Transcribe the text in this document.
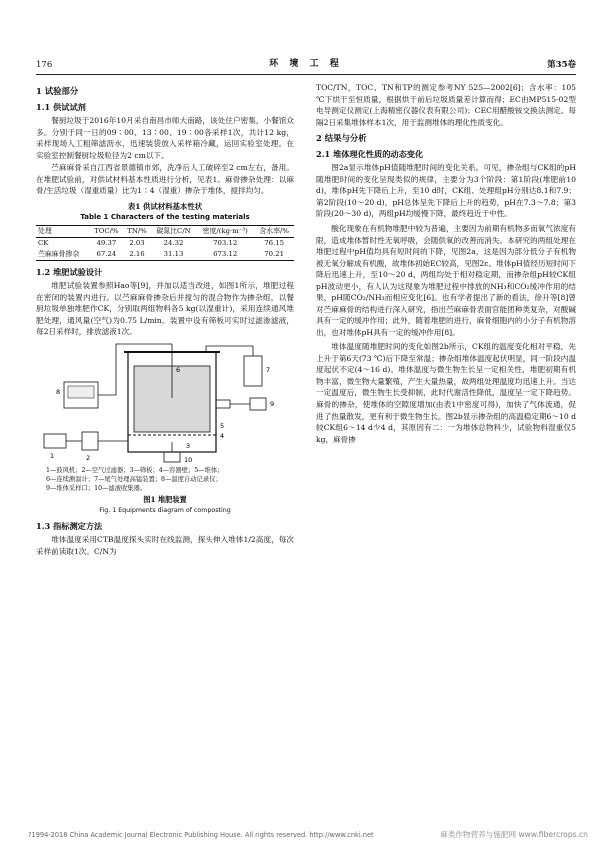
176	环 境 工 程	第35卷
1 试验部分
1.1 供试试剂

餐厨垃圾于2016年10月采自南昌市师大南路，该处住户密集，小餐馆众多。分别于同一日的09∶00、13∶00、19∶00各采样1次，共计12 kg，采样现场人工粗筛滤沥水，迅速装袋放入采样箱冷藏，运回实验室处理。在实验室控制餐厨垃圾粒径为2 cm以下。

苎麻麻骨采自江西省景德镇市郊，洗净后人工破碎至2 cm左右，备用。在堆肥试验前，对供试材料基本性质进行分析，见表1。麻骨掺杂处理：以麻骨/生活垃圾（湿重质量）比为1∶4（湿重）掺杂于堆体，搅拌均匀。

表1 供试材料基本性状
Table 1 Characters of the testing materials
处理	TOC/%	TN/%	碳氮比C/N	密度/(kg·m⁻³)	含水率/%
CK	49.37	2.03	24.32	703.12	76.15
苎麻麻骨掺杂	67.24	2.16	31.13	673.12	70.21
1.2 堆肥试验设计

堆肥试验装置参照Hao等[9]，并加以适当改进，如图1所示，堆肥过程在密闭的装置内进行。以苎麻麻骨掺杂后并搅匀的混合物作为掺杂组，以餐厨垃圾单独堆肥作CK，分别取两组物料各5 kg(以湿重计)，采用连续通风堆肥处理，通风量(空气)为0.75 L/min。装置中设有筛板可实时过滤渗滤液，每2日采样时，排放滤液1次。

1	2
3
4
5
6	7
8
9
10
1—鼓风机；2—空气过滤器；3—筛板；4—容器壁；5—堆体；
6—连续测温计；7—尾气处理高锰装置；8—温度自动记录仪；
9—堆体采样口；10—滤液收集器。
图1 堆肥装置
Fig. 1 Equipments diagram of composting
1.3 指标测定方法

堆体温度采用CTB温度探头实时在线监测，探头伸入堆体1/2高度，每次采样前读取1次。C/N为

TOC/TN，TOC、TN和TP的测定参考NY 525—2002[6]；含水率：105 ℃下烘干至恒质量，根据烘干前后垃圾质量差计算而得；EC由MP515-02型电导测定仪测定(上海精密仪器仪表有限公司)；CEC用醋酸铵交换法测定。每隔2日采集堆体样本1次，用于监测堆体的理化性质变化。

2 结果与分析
2.1 堆体理化性质的动态变化

图2a显示堆体pH值随堆肥时间的变化关系。可见，掺杂组与CK组的pH随堆肥时间的变化呈现类似的规律，主要分为3个阶段：第1阶段(堆肥前10 d)，堆体pH先下降后上升，至10 d时，CK组、处理组pH分别达8.1和7.9；第2阶段(10～20 d)，pH总体呈先下降后上升的趋势，pH在7.3～7.8；第3阶段(20～30 d)，两组pH均缓慢下降，最终趋近于中性。

酸化现象在有机物堆肥中较为普遍，主要因为前期有机物多而氧气浓度有限，造成堆体暂时性无氧呼吸，会随供氧的改善而消失。本研究的两组处理在堆肥过程中pH值均具有短时间的下降，见图2a，这是因为部分低分子有机物被无氧分解成有机酸，故堆体初始EC较高，见图2c。堆体pH值经历短时间下降后迅速上升，至10～20 d，两组均处于相对稳定期，而掺杂组pH较CK组pH波动更小，有人认为这现象为堆肥过程中排放的NH₃和CO₂缓冲作用的结果，pH随CO₂/NH₃而相应变化[6]。也有学者提出了新的看法，徐升等[8]曾对苎麻麻骨的结构进行深入研究，指出苎麻麻骨表面官能团种类复杂，对酸碱具有一定的缓冲作用；此外，随着堆肥的进行，麻骨细胞内的小分子有机物溶出，也对堆体pH具有一定的缓冲作用[8]。

堆体温度随堆肥时间的变化如图2b所示，CK组的温度变化相对平稳，先上升于第6天(73 ℃)后下降至常温；掺杂组堆体温度起伏明显，同一阶段内温度起伏不定(4～16 d)。堆体温度与微生物生长呈一定相关性，堆肥初期有机物丰富，微生物大量繁殖，产生大量热量，故两组处理温度均迅速上升。当达一定温度后，微生物生长受抑制，此时代谢活性降低，温度呈一定下降趋势。麻骨的掺杂，使堆体的空隙度增加(由表1中密度可得)，加快了气体流通，促进了热量散发，更有利于微生物生长。图2b显示掺杂组的高温稳定期6～10 d较CK组6～14 d少4 d，其原因有二：一为堆体总物料少，试验物料湿重仅5 kg，麻骨掺

?1994-2018 China Academic Journal Electronic Publishing House. All rights reserved. http://www.cnki.net	麻类作物营养与施肥网 www.fibercrops.cn
